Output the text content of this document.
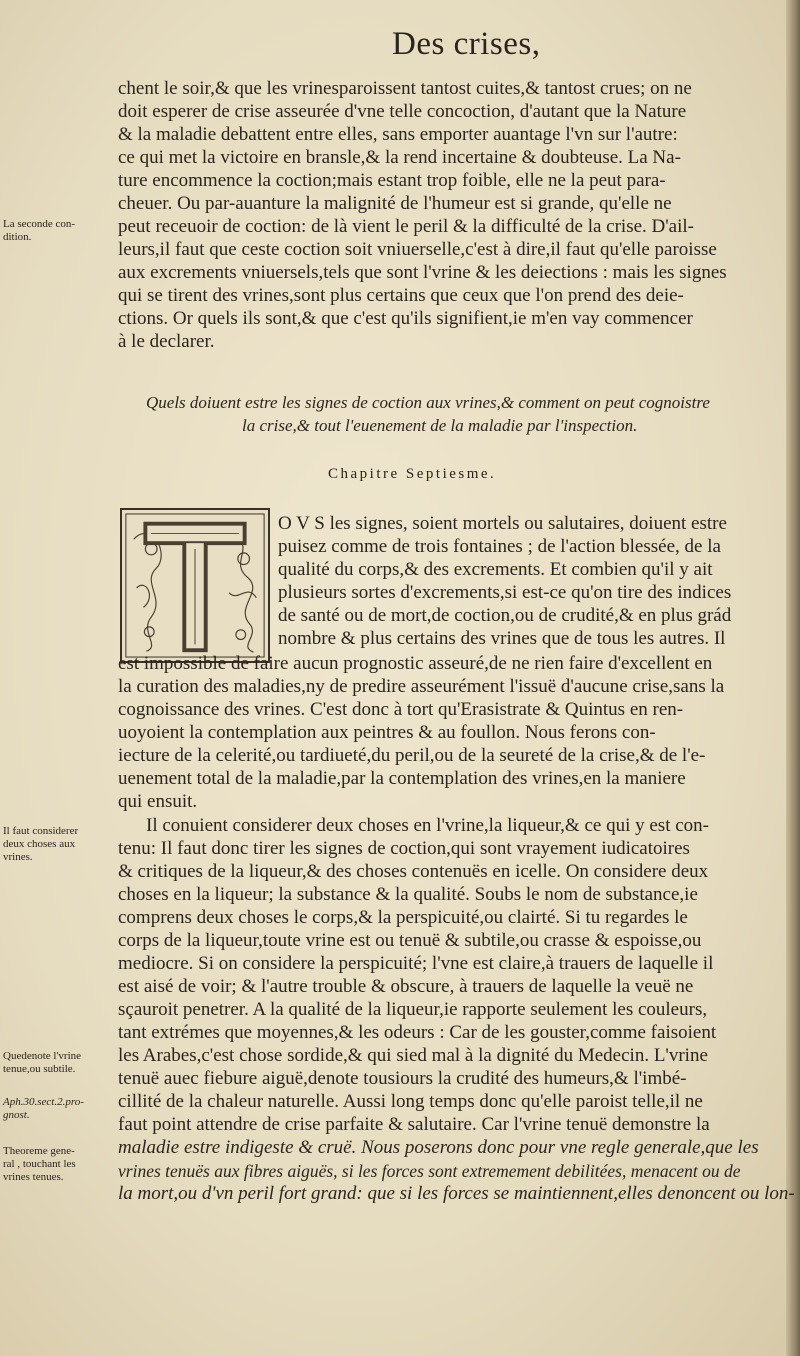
Des crises,
chent le soir,& que les vrinesparoissent tantost cuites,& tantost crues; on ne
doit esperer de crise asseurée d'vne telle concoction, d'autant que la Nature
& la maladie debattent entre elles, sans emporter auantage l'vn sur l'autre:
ce qui met la victoire en bransle,& la rend incertaine & doubteuse. La Na-
ture encommence la coction;mais estant trop foible, elle ne la peut para-
cheuer. Ou par-auanture la malignité de l'humeur est si grande, qu'elle ne
peut receuoir de coction: de là vient le peril & la difficulté de la crise. D'ail-
leurs,il faut que ceste coction soit vniuerselle,c'est à dire,il faut qu'elle paroisse
aux excrements vniuersels,tels que sont l'vrine & les deiections : mais les signes
qui se tirent des vrines,sont plus certains que ceux que l'on prend des deie-
ctions. Or quels ils sont,& que c'est qu'ils signifient,ie m'en vay commencer
à le declarer.
Quels doiuent estre les signes de coction aux vrines,& comment on peut cognoistre
la crise,& tout l'euenement de la maladie par l'inspection.
Chapitre Septiesme.
O V S les signes, soient mortels ou salutaires, doiuent estre
puisez comme de trois fontaines ; de l'action blessée, de la
qualité du corps,& des excrements. Et combien qu'il y ait
plusieurs sortes d'excrements,si est-ce qu'on tire des indices
de santé ou de mort,de coction,ou de crudité,& en plus grád
nombre & plus certains des vrines que de tous les autres. Il
est impossible de faire aucun prognostic asseuré,de ne rien faire d'excellent en
la curation des maladies,ny de predire asseurément l'issuë d'aucune crise,sans la
cognoissance des vrines. C'est donc à tort qu'Erasistrate & Quintus en ren-
uoyoient la contemplation aux peintres & au foullon. Nous ferons con-
iecture de la celerité,ou tardiueté,du peril,ou de la seureté de la crise,& de l'e-
uenement total de la maladie,par la contemplation des vrines,en la maniere
qui ensuit.
Il conuient considerer deux choses en l'vrine,la liqueur,& ce qui y est con-
tenu: Il faut donc tirer les signes de coction,qui sont vrayement iudicatoires
& critiques de la liqueur,& des choses contenuës en icelle. On considere deux
choses en la liqueur; la substance & la qualité. Soubs le nom de substance,ie
comprens deux choses le corps,& la perspicuité,ou clairté. Si tu regardes le
corps de la liqueur,toute vrine est ou tenuë & subtile,ou crasse & espoisse,ou
mediocre. Si on considere la perspicuité; l'vne est claire,à trauers de laquelle il
est aisé de voir; & l'autre trouble & obscure, à trauers de laquelle la veuë ne
sçauroit penetrer. A la qualité de la liqueur,ie rapporte seulement les couleurs,
tant extrémes que moyennes,& les odeurs : Car de les gouster,comme faisoient
les Arabes,c'est chose sordide,& qui sied mal à la dignité du Medecin. L'vrine
tenuë auec fiebure aiguë,denote tousiours la crudité des humeurs,& l'imbé-
cillité de la chaleur naturelle. Aussi long temps donc qu'elle paroist telle,il ne
faut point attendre de crise parfaite & salutaire. Car l'vrine tenuë demonstre la
maladie estre indigeste & cruë. Nous poserons donc pour vne regle generale,que les
vrines tenuës aux fibres aiguës, si les forces sont extremement debilitées, menacent ou de
la mort,ou d'vn peril fort grand: que si les forces se maintiennent,elles denoncent ou lon-
La seconde con-
dition.
Il faut considerer
deux choses aux
vrines.
Quedenote l'vrine
tenue,ou subtile.
Aph.30.sect.2.pro-
gnost.
Theoreme gene-
ral , touchant les
vrines tenues.
